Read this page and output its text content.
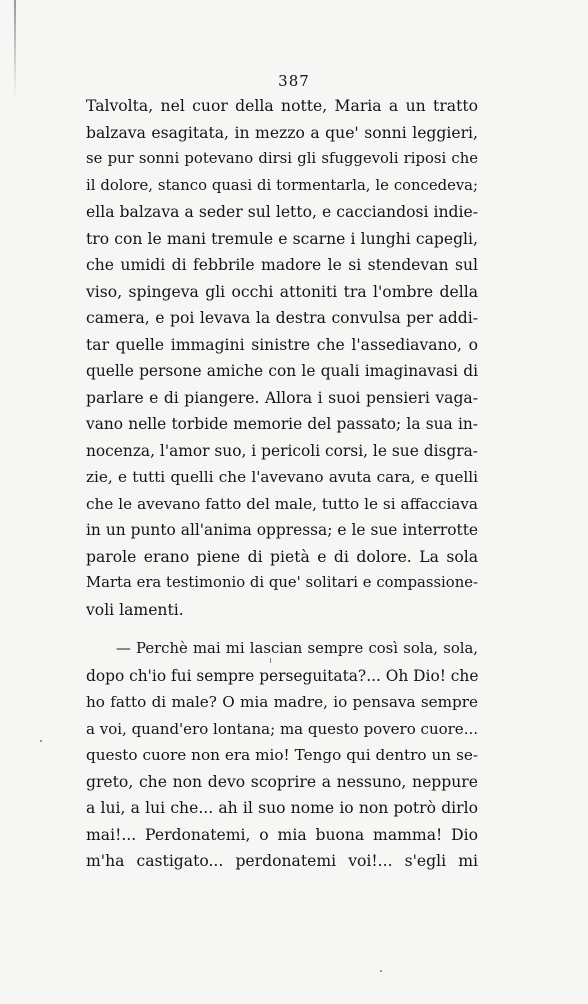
387
Talvolta, nel cuor della notte, Maria a un tratto
balzava esagitata, in mezzo a que' sonni leggieri,
se pur sonni potevano dirsi gli sfuggevoli riposi che
il dolore, stanco quasi di tormentarla, le concedeva;
ella balzava a seder sul letto, e cacciandosi indie-
tro con le mani tremule e scarne i lunghi capegli,
che umidi di febbrile madore le si stendevan sul
viso, spingeva gli occhi attoniti tra l'ombre della
camera, e poi levava la destra convulsa per addi-
tar quelle immagini sinistre che l'assediavano, o
quelle persone amiche con le quali imaginavasi di
parlare e di piangere. Allora i suoi pensieri vaga-
vano nelle torbide memorie del passato; la sua in-
nocenza, l'amor suo, i pericoli corsi, le sue disgra-
zie, e tutti quelli che l'avevano avuta cara, e quelli
che le avevano fatto del male, tutto le si affacciava
in un punto all'anima oppressa; e le sue interrotte
parole erano piene di pietà e di dolore. La sola
Marta era testimonio di que' solitari e compassione-
voli lamenti.
— Perchè mai mi lascian sempre così sola, sola,
dopo ch'io fui sempre perseguitata?... Oh Dio! che
ho fatto di male? O mia madre, io pensava sempre
a voi, quand'ero lontana; ma questo povero cuore...
questo cuore non era mio! Tengo qui dentro un se-
greto, che non devo scoprire a nessuno, neppure
a lui, a lui che... ah il suo nome io non potrò dirlo
mai!... Perdonatemi, o mia buona mamma! Dio
m'ha castigato... perdonatemi voi!... s'egli mi
